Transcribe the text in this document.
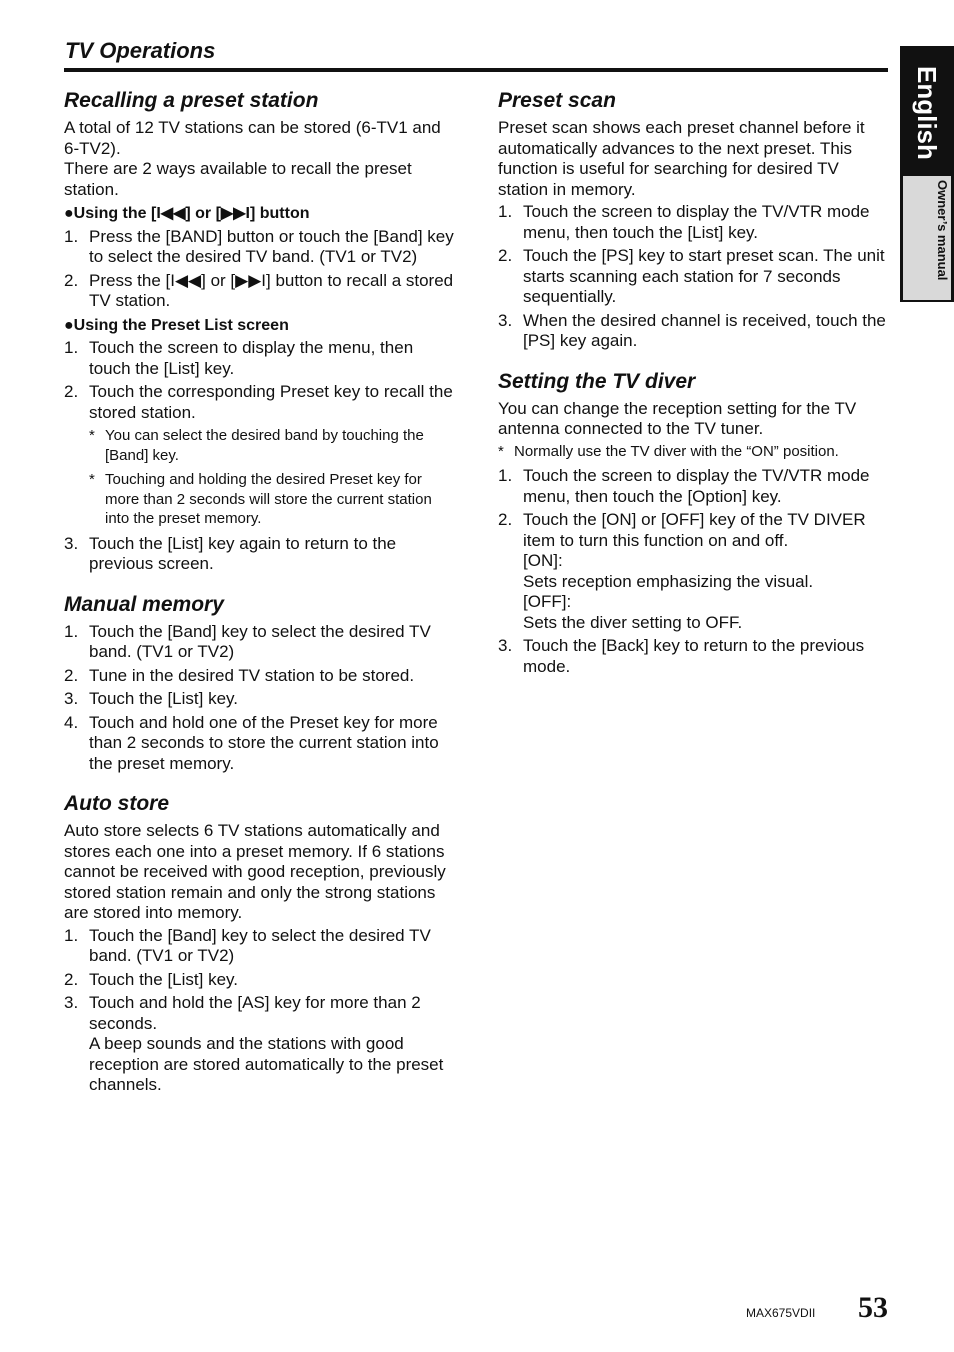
TV Operations
English
Owner’s manual
Recalling a preset station

A total of 12 TV stations can be stored (6-TV1 and 6-TV2).

There are 2 ways available to recall the preset station.

●Using the [I◀◀] or [▶▶I] button
1. Press the [BAND] button or touch the [Band] key to select the desired TV band. (TV1 or TV2)
2. Press the [I◀◀] or [▶▶I] button to recall a stored TV station.
●Using the Preset List screen
1. Touch the screen to display the menu, then touch the [List] key.
2. Touch the corresponding Preset key to recall the stored station.
* You can select the desired band by touching the [Band] key.
* Touching and holding the desired Preset key for more than 2 seconds will store the current station into the preset memory.
3. Touch the [List] key again to return to the previous screen.
Manual memory
1. Touch the [Band] key to select the desired TV band. (TV1 or TV2)
2. Tune in the desired TV station to be stored.
3. Touch the [List] key.
4. Touch and hold one of the Preset key for more than 2 seconds to store the current station into the preset memory.
Auto store

Auto store selects 6 TV stations automatically and stores each one into a preset memory. If 6 stations cannot be received with good reception, previously stored station remain and only the strong stations are stored into memory.

1. Touch the [Band] key to select the desired TV band. (TV1 or TV2)
2. Touch the [List] key.
3. Touch and hold the [AS] key for more than 2 seconds.
A beep sounds and the stations with good reception are stored automatically to the preset channels.
Preset scan

Preset scan shows each preset channel before it automatically advances to the next preset. This function is useful for searching for desired TV station in memory.

1. Touch the screen to display the TV/VTR mode menu, then touch the [List] key.
2. Touch the [PS] key to start preset scan. The unit starts scanning each station for 7 seconds sequentially.
3. When the desired channel is received, touch the [PS] key again.
Setting the TV diver

You can change the reception setting for the TV antenna connected to the TV tuner.

* Normally use the TV diver with the “ON” position.
1. Touch the screen to display the TV/VTR mode menu, then touch the [Option] key.
2. Touch the [ON] or [OFF] key of the TV DIVER item to turn this function on and off.
[ON]:
Sets reception emphasizing the visual.
[OFF]:
Sets the diver setting to OFF.
3. Touch the [Back] key to return to the previous mode.
MAX675VDII 53
